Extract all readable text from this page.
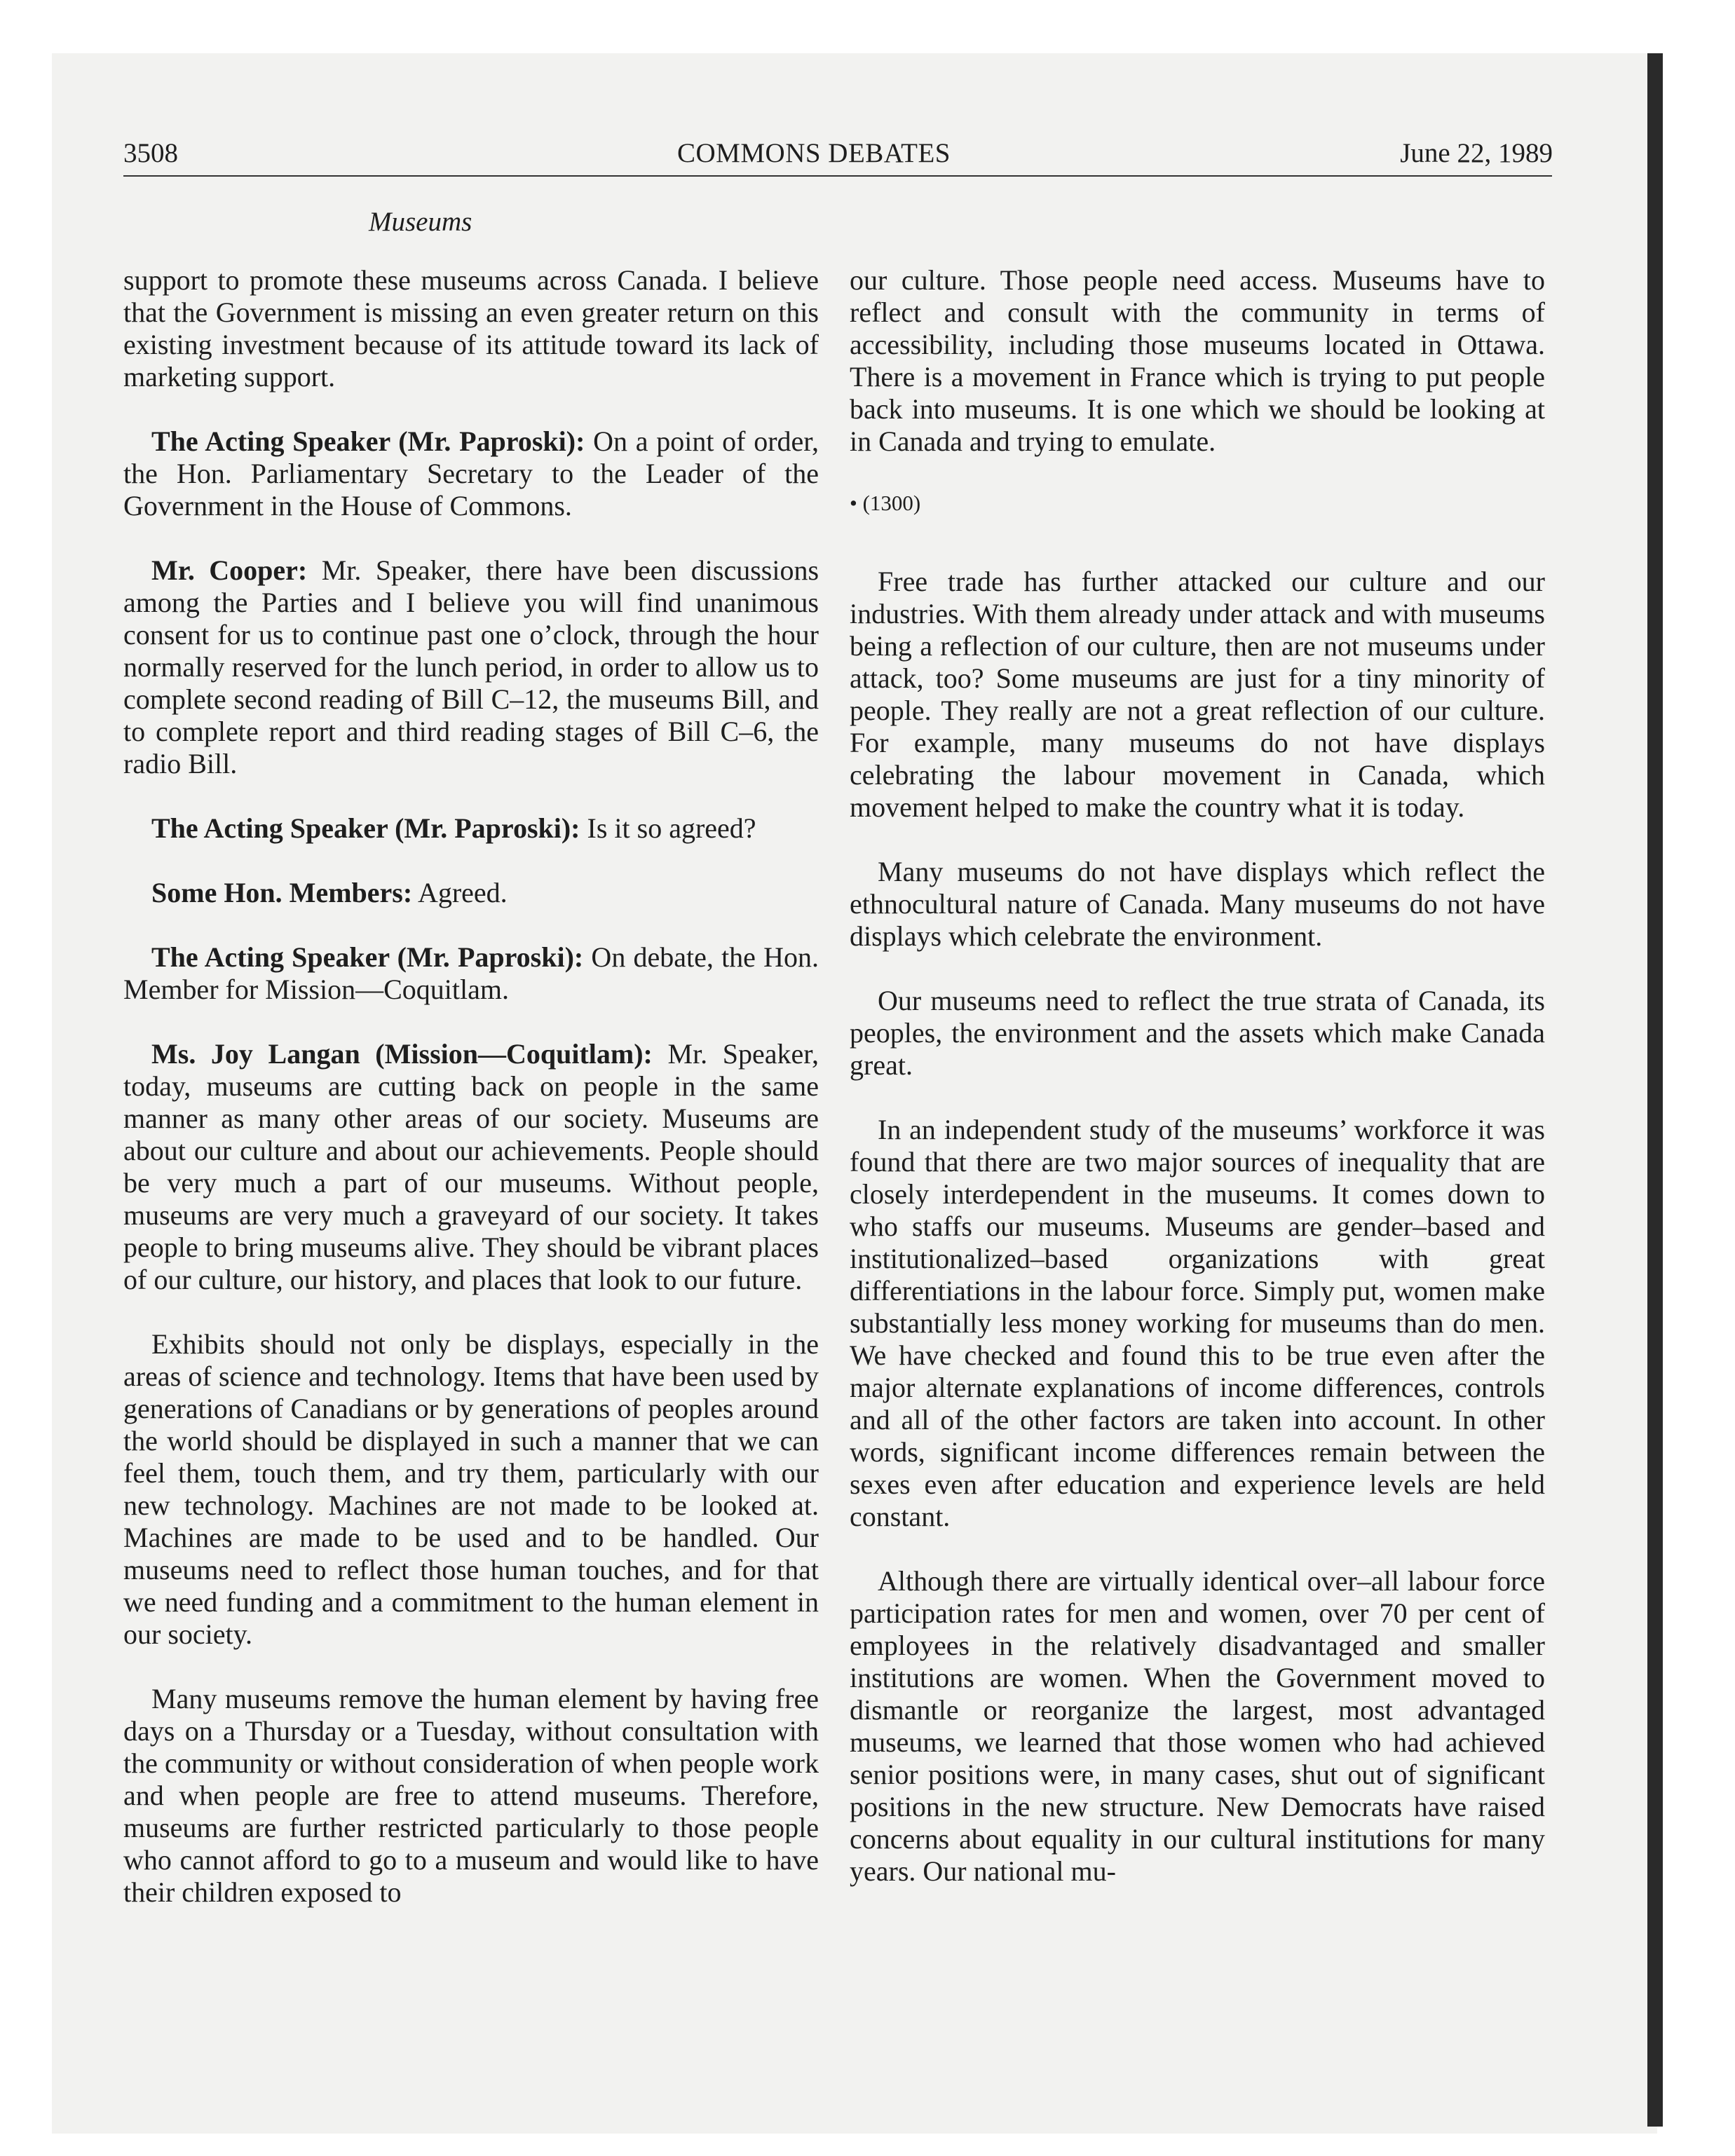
3508	COMMONS DEBATES	June 22, 1989
Museums

support to promote these museums across Canada. I believe that the Government is missing an even greater return on this existing investment because of its attitude toward its lack of marketing support.

The Acting Speaker (Mr. Paproski): On a point of order, the Hon. Parliamentary Secretary to the Leader of the Government in the House of Commons.

Mr. Cooper: Mr. Speaker, there have been discussions among the Parties and I believe you will find unanimous consent for us to continue past one o’clock, through the hour normally reserved for the lunch period, in order to allow us to complete second reading of Bill C–12, the museums Bill, and to complete report and third reading stages of Bill C–6, the radio Bill.

The Acting Speaker (Mr. Paproski): Is it so agreed?

Some Hon. Members: Agreed.

The Acting Speaker (Mr. Paproski): On debate, the Hon. Member for Mission—Coquitlam.

Ms. Joy Langan (Mission—Coquitlam): Mr. Speaker, today, museums are cutting back on people in the same manner as many other areas of our society. Museums are about our culture and about our achievements. People should be very much a part of our museums. Without people, museums are very much a graveyard of our society. It takes people to bring museums alive. They should be vibrant places of our culture, our history, and places that look to our future.

Exhibits should not only be displays, especially in the areas of science and technology. Items that have been used by generations of Canadians or by generations of peoples around the world should be displayed in such a manner that we can feel them, touch them, and try them, particularly with our new technology. Machines are not made to be looked at. Machines are made to be used and to be handled. Our museums need to reflect those human touches, and for that we need funding and a commitment to the human element in our society.

Many museums remove the human element by having free days on a Thursday or a Tuesday, without consultation with the community or without consideration of when people work and when people are free to attend museums. Therefore, museums are further restricted particularly to those people who cannot afford to go to a museum and would like to have their children exposed to

our culture. Those people need access. Museums have to reflect and consult with the community in terms of accessibility, including those museums located in Ottawa. There is a movement in France which is trying to put people back into museums. It is one which we should be looking at in Canada and trying to emulate.

• (1300)

Free trade has further attacked our culture and our industries. With them already under attack and with museums being a reflection of our culture, then are not museums under attack, too? Some museums are just for a tiny minority of people. They really are not a great reflection of our culture. For example, many museums do not have displays celebrating the labour movement in Canada, which movement helped to make the country what it is today.

Many museums do not have displays which reflect the ethnocultural nature of Canada. Many museums do not have displays which celebrate the environment.

Our museums need to reflect the true strata of Canada, its peoples, the environment and the assets which make Canada great.

In an independent study of the museums’ workforce it was found that there are two major sources of inequality that are closely interdependent in the museums. It comes down to who staffs our museums. Museums are gender–based and institutionalized–based organizations with great differentiations in the labour force. Simply put, women make substantially less money working for museums than do men. We have checked and found this to be true even after the major alternate explanations of income differences, controls and all of the other factors are taken into account. In other words, significant income differences remain between the sexes even after education and experience levels are held constant.

Although there are virtually identical over–all labour force participation rates for men and women, over 70 per cent of employees in the relatively disadvantaged and smaller institutions are women. When the Government moved to dismantle or reorganize the largest, most advantaged museums, we learned that those women who had achieved senior positions were, in many cases, shut out of significant positions in the new structure. New Democrats have raised concerns about equality in our cultural institutions for many years. Our national mu-
